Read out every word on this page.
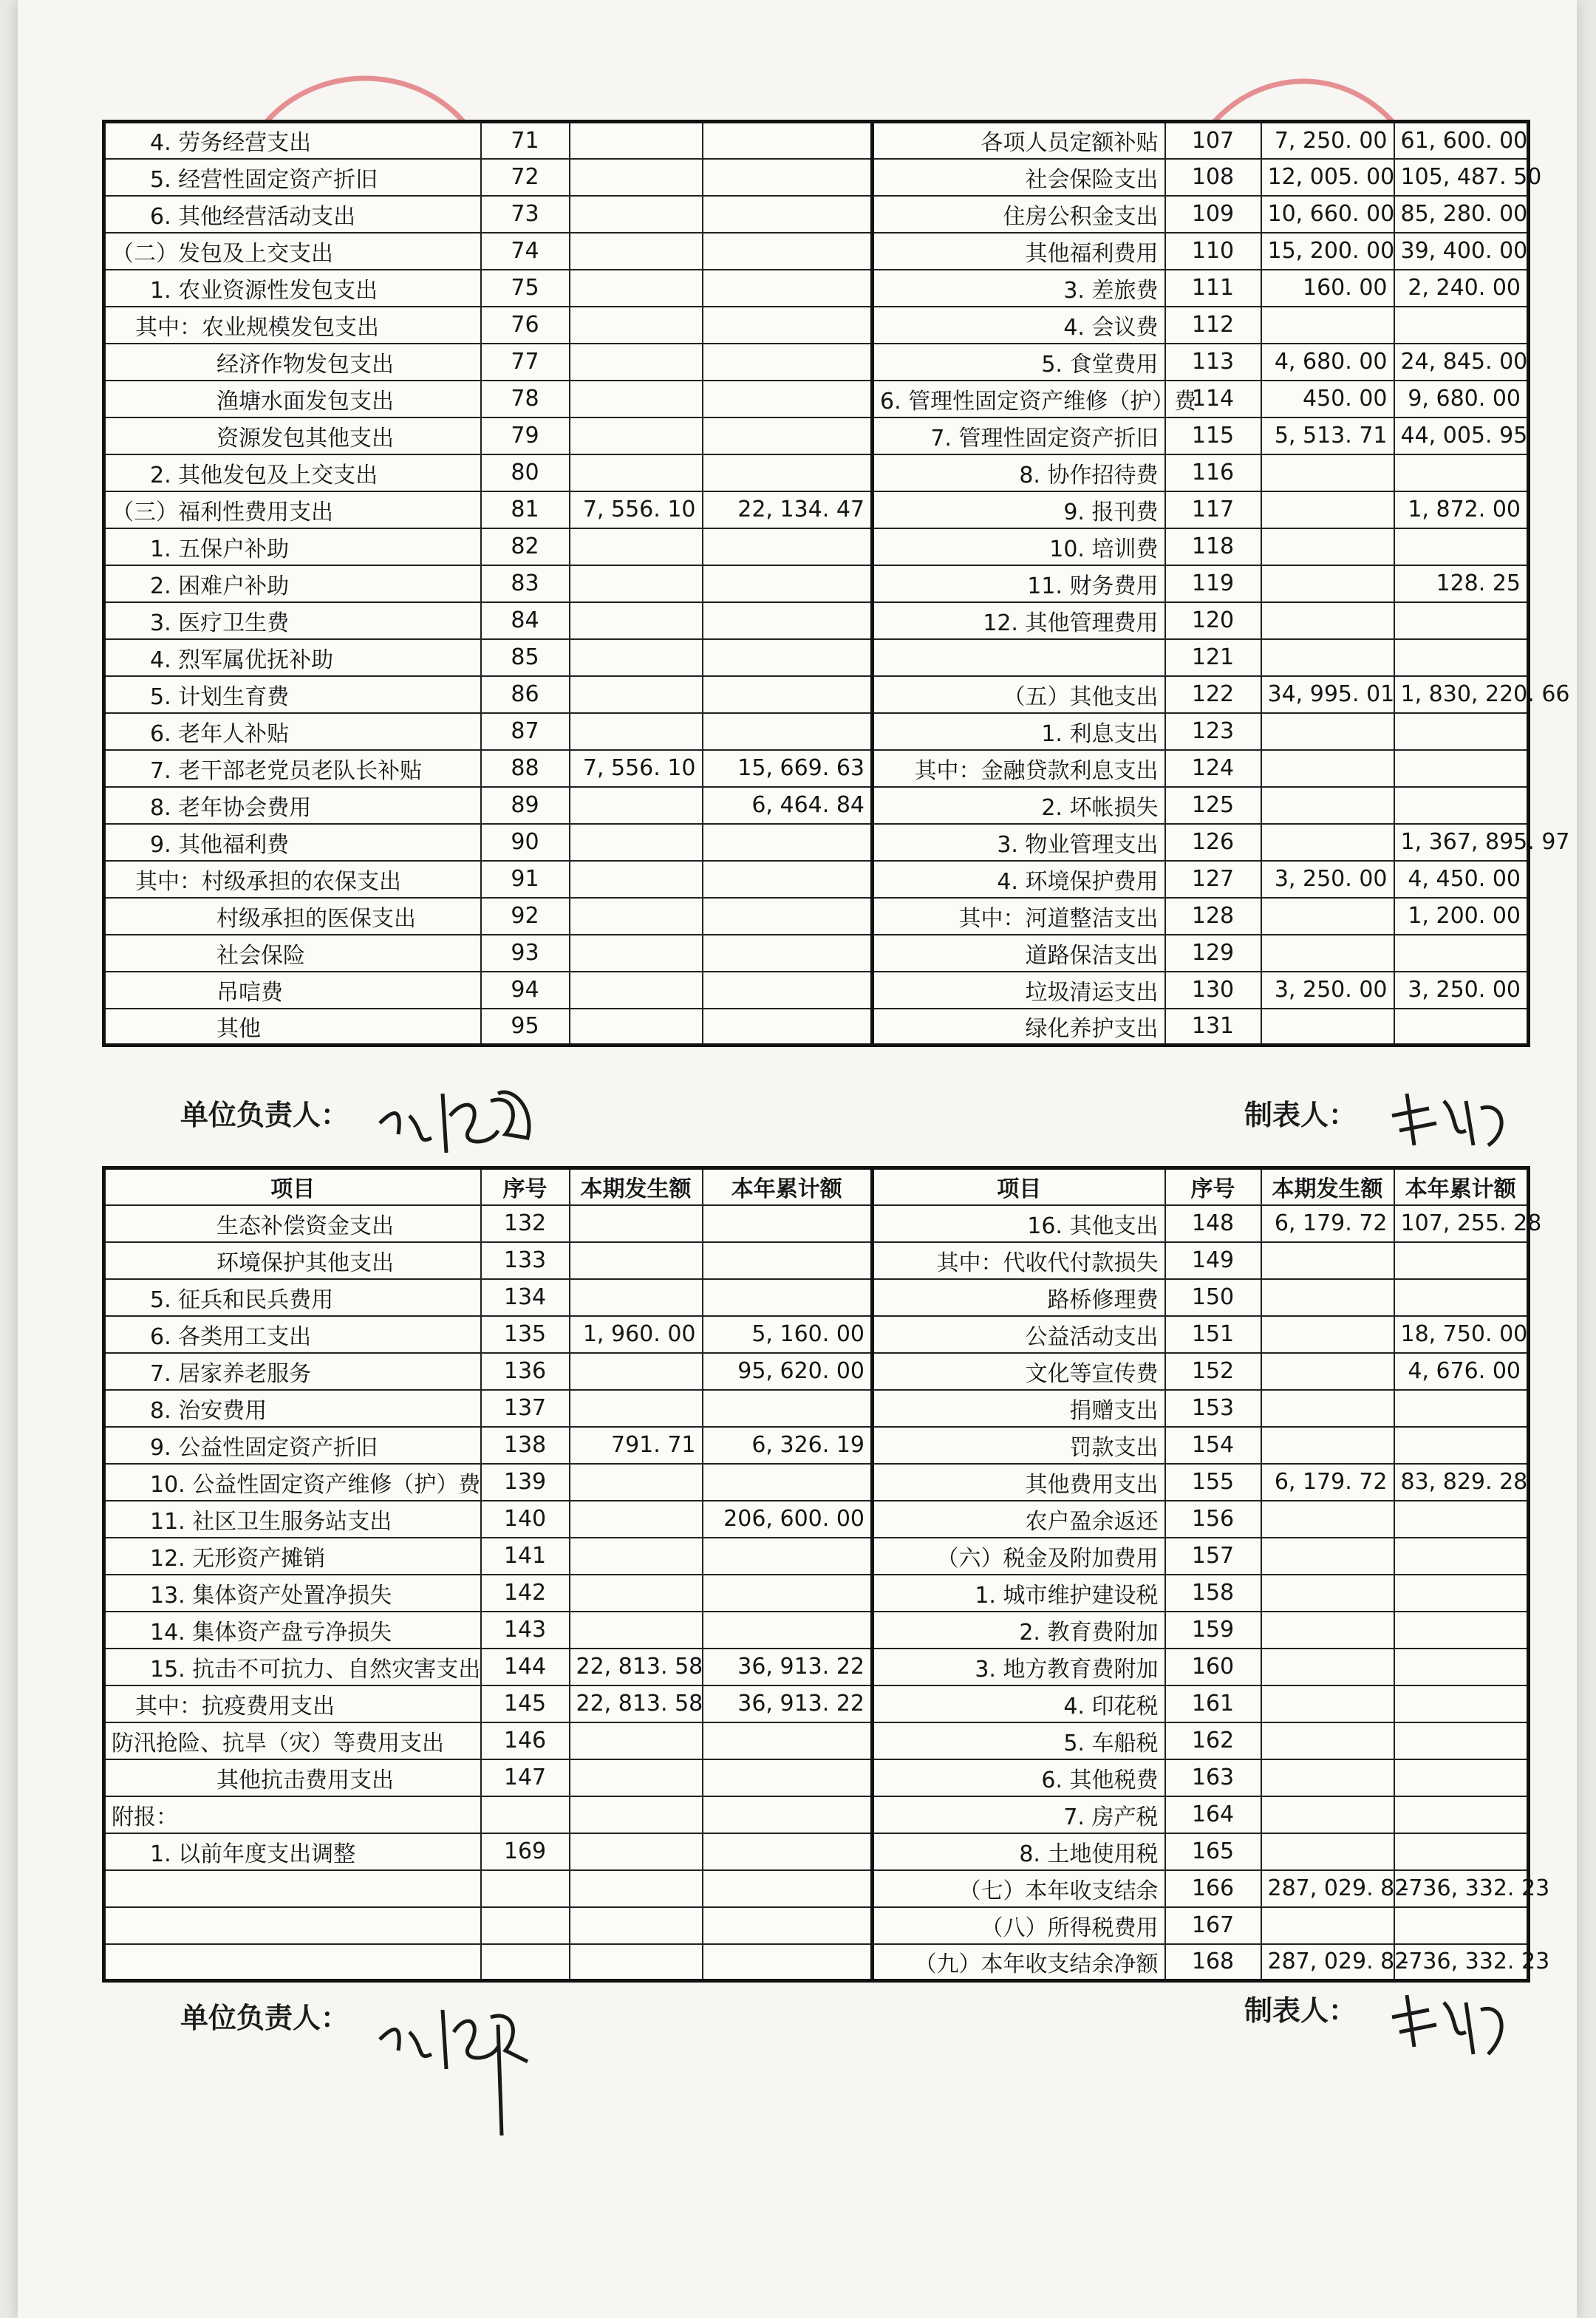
4. 劳务经营支出	71			各项人员定额补贴	107	7, 250. 00	61, 600. 00
5. 经营性固定资产折旧	72			社会保险支出	108	12, 005. 00	105, 487. 50
6. 其他经营活动支出	73			住房公积金支出	109	10, 660. 00	85, 280. 00
（二）发包及上交支出	74			其他福利费用	110	15, 200. 00	39, 400. 00
1. 农业资源性发包支出	75			3. 差旅费	111	160. 00	2, 240. 00
其中：农业规模发包支出	76			4. 会议费	112		
经济作物发包支出	77			5. 食堂费用	113	4, 680. 00	24, 845. 00
渔塘水面发包支出	78			6. 管理性固定资产维修（护）费	114	450. 00	9, 680. 00
资源发包其他支出	79			7. 管理性固定资产折旧	115	5, 513. 71	44, 005. 95
2. 其他发包及上交支出	80			8. 协作招待费	116		
（三）福利性费用支出	81	7, 556. 10	22, 134. 47	9. 报刊费	117		1, 872. 00
1. 五保户补助	82			10. 培训费	118		
2. 困难户补助	83			11. 财务费用	119		128. 25
3. 医疗卫生费	84			12. 其他管理费用	120		
4. 烈军属优抚补助	85				121		
5. 计划生育费	86			（五）其他支出	122	34, 995. 01	1, 830, 220. 66
6. 老年人补贴	87			1. 利息支出	123		
7. 老干部老党员老队长补贴	88	7, 556. 10	15, 669. 63	其中：金融贷款利息支出	124		
8. 老年协会费用	89		6, 464. 84	2. 坏帐损失	125		
9. 其他福利费	90			3. 物业管理支出	126		1, 367, 895. 97
其中：村级承担的农保支出	91			4. 环境保护费用	127	3, 250. 00	4, 450. 00
村级承担的医保支出	92			其中：河道整洁支出	128		1, 200. 00
社会保险	93			道路保洁支出	129		
吊唁费	94			垃圾清运支出	130	3, 250. 00	3, 250. 00
其他	95			绿化养护支出	131		
单位负责人：	制表人：
项目	序号	本期发生额	本年累计额	项目	序号	本期发生额	本年累计额
生态补偿资金支出	132			16. 其他支出	148	6, 179. 72	107, 255. 28
环境保护其他支出	133			其中：代收代付款损失	149		
5. 征兵和民兵费用	134			路桥修理费	150		
6. 各类用工支出	135	1, 960. 00	5, 160. 00	公益活动支出	151		18, 750. 00
7. 居家养老服务	136		95, 620. 00	文化等宣传费	152		4, 676. 00
8. 治安费用	137			捐赠支出	153		
9. 公益性固定资产折旧	138	791. 71	6, 326. 19	罚款支出	154		
10. 公益性固定资产维修（护）费	139			其他费用支出	155	6, 179. 72	83, 829. 28
11. 社区卫生服务站支出	140		206, 600. 00	农户盈余返还	156		
12. 无形资产摊销	141			（六）税金及附加费用	157		
13. 集体资产处置净损失	142			1. 城市维护建设税	158		
14. 集体资产盘亏净损失	143			2. 教育费附加	159		
15. 抗击不可抗力、自然灾害支出	144	22, 813. 58	36, 913. 22	3. 地方教育费附加	160		
其中：抗疫费用支出	145	22, 813. 58	36, 913. 22	4. 印花税	161		
防汛抢险、抗旱（灾）等费用支出	146			5. 车船税	162		
其他抗击费用支出	147			6. 其他税费	163		
附报：				7. 房产税	164		
1. 以前年度支出调整	169			8. 土地使用税	165		
				（七）本年收支结余	166	287, 029. 82	-736, 332. 23
				（八）所得税费用	167		
				（九）本年收支结余净额	168	287, 029. 82	-736, 332. 23
单位负责人：	制表人：
